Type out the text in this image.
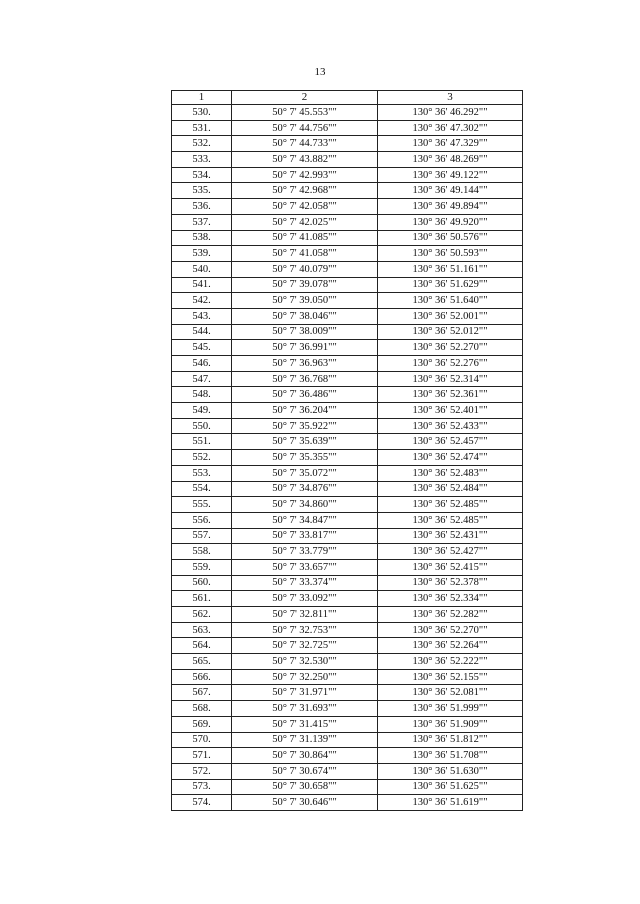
13
1	2	3
530.	50° 7' 45.553""	130° 36' 46.292""
531.	50° 7' 44.756""	130° 36' 47.302""
532.	50° 7' 44.733""	130° 36' 47.329""
533.	50° 7' 43.882""	130° 36' 48.269""
534.	50° 7' 42.993""	130° 36' 49.122""
535.	50° 7' 42.968""	130° 36' 49.144""
536.	50° 7' 42.058""	130° 36' 49.894""
537.	50° 7' 42.025""	130° 36' 49.920""
538.	50° 7' 41.085""	130° 36' 50.576""
539.	50° 7' 41.058""	130° 36' 50.593""
540.	50° 7' 40.079""	130° 36' 51.161""
541.	50° 7' 39.078""	130° 36' 51.629""
542.	50° 7' 39.050""	130° 36' 51.640""
543.	50° 7' 38.046""	130° 36' 52.001""
544.	50° 7' 38.009""	130° 36' 52.012""
545.	50° 7' 36.991""	130° 36' 52.270""
546.	50° 7' 36.963""	130° 36' 52.276""
547.	50° 7' 36.768""	130° 36' 52.314""
548.	50° 7' 36.486""	130° 36' 52.361""
549.	50° 7' 36.204""	130° 36' 52.401""
550.	50° 7' 35.922""	130° 36' 52.433""
551.	50° 7' 35.639""	130° 36' 52.457""
552.	50° 7' 35.355""	130° 36' 52.474""
553.	50° 7' 35.072""	130° 36' 52.483""
554.	50° 7' 34.876""	130° 36' 52.484""
555.	50° 7' 34.860""	130° 36' 52.485""
556.	50° 7' 34.847""	130° 36' 52.485""
557.	50° 7' 33.817""	130° 36' 52.431""
558.	50° 7' 33.779""	130° 36' 52.427""
559.	50° 7' 33.657""	130° 36' 52.415""
560.	50° 7' 33.374""	130° 36' 52.378""
561.	50° 7' 33.092""	130° 36' 52.334""
562.	50° 7' 32.811""	130° 36' 52.282""
563.	50° 7' 32.753""	130° 36' 52.270""
564.	50° 7' 32.725""	130° 36' 52.264""
565.	50° 7' 32.530""	130° 36' 52.222""
566.	50° 7' 32.250""	130° 36' 52.155""
567.	50° 7' 31.971""	130° 36' 52.081""
568.	50° 7' 31.693""	130° 36' 51.999""
569.	50° 7' 31.415""	130° 36' 51.909""
570.	50° 7' 31.139""	130° 36' 51.812""
571.	50° 7' 30.864""	130° 36' 51.708""
572.	50° 7' 30.674""	130° 36' 51.630""
573.	50° 7' 30.658""	130° 36' 51.625""
574.	50° 7' 30.646""	130° 36' 51.619""
